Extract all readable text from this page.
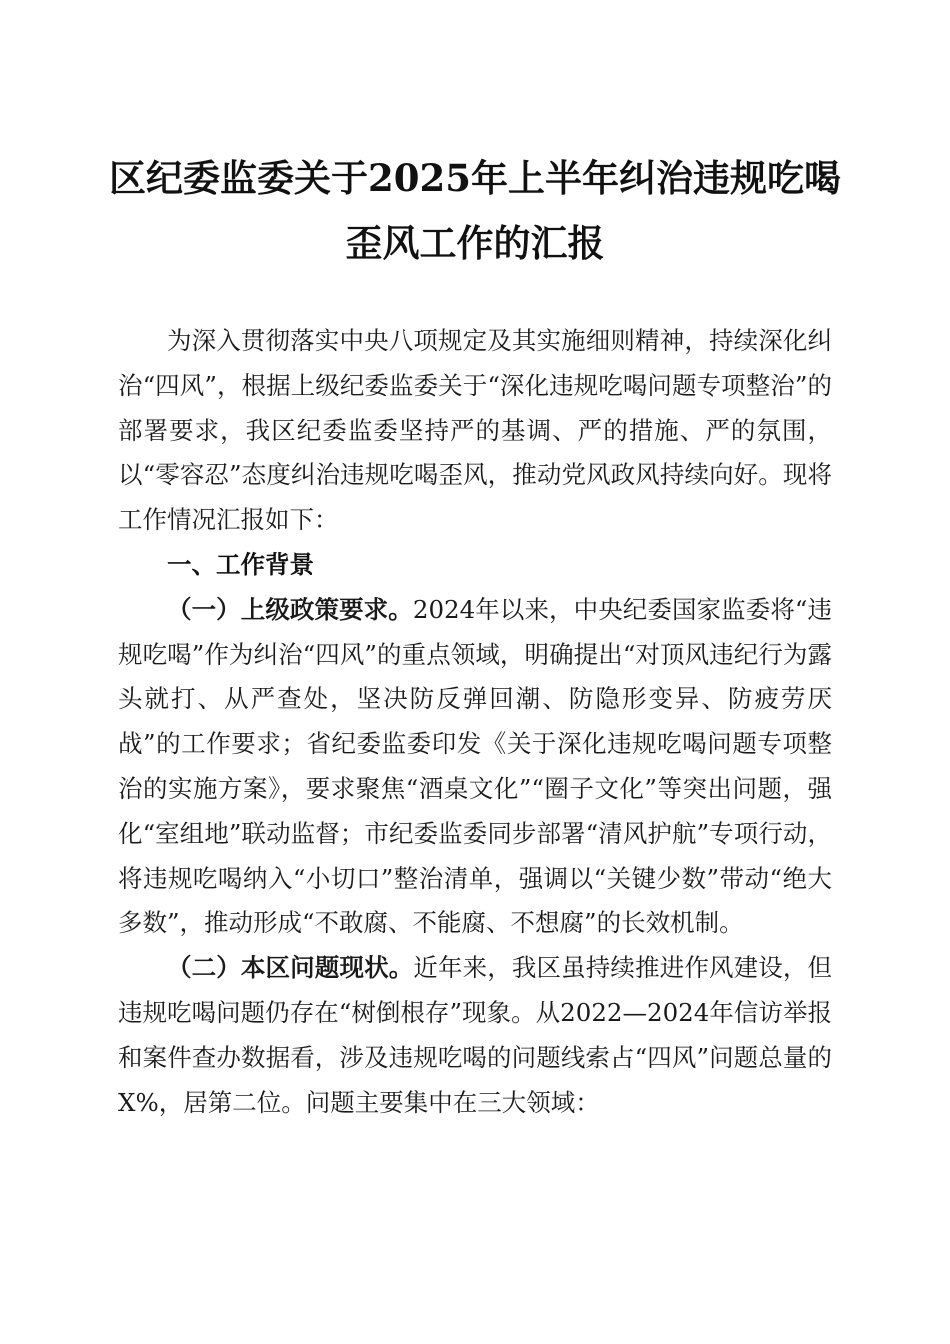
区纪委监委关于2025年上半年纠治违规吃喝
歪风工作的汇报

为深入贯彻落实中央八项规定及其实施细则精神，持续深化纠治“四风”，根据上级纪委监委关于“深化违规吃喝问题专项整治”的部署要求，我区纪委监委坚持严的基调、严的措施、严的氛围，以“零容忍”态度纠治违规吃喝歪风，推动党风政风持续向好。现将工作情况汇报如下：

一、工作背景

（一）上级政策要求。2024年以来，中央纪委国家监委将“违规吃喝”作为纠治“四风”的重点领域，明确提出“对顶风违纪行为露头就打、从严查处，坚决防反弹回潮、防隐形变异、防疲劳厌战”的工作要求；省纪委监委印发《关于深化违规吃喝问题专项整治的实施方案》，要求聚焦“酒桌文化”“圈子文化”等突出问题，强化“室组地”联动监督；市纪委监委同步部署“清风护航”专项行动，将违规吃喝纳入“小切口”整治清单，强调以“关键少数”带动“绝大多数”，推动形成“不敢腐、不能腐、不想腐”的长效机制。

（二）本区问题现状。近年来，我区虽持续推进作风建设，但违规吃喝问题仍存在“树倒根存”现象。从2022—2024年信访举报和案件查办数据看，涉及违规吃喝的问题线索占“四风”问题总量的X%，居第二位。问题主要集中在三大领域：
